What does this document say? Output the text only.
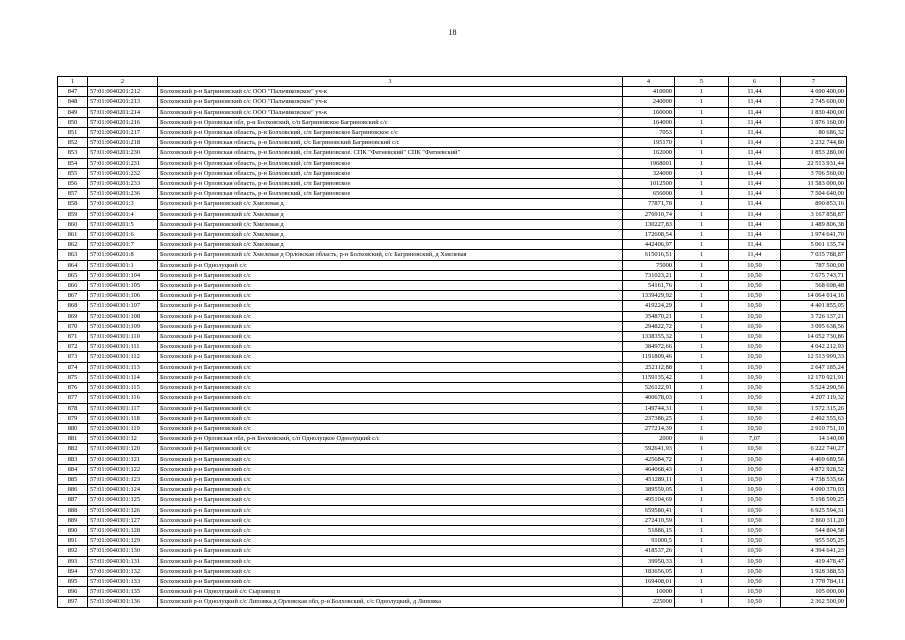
18
1	2	3	4	5	6	7
847	57:01:0040201:212	Болховский р-н Багриновский с/с ООО "Пальчиковское" уч-к	410000	1	11,44	4 690 400,00
848	57:01:0040201:213	Болховский р-н Багриновский с/с ООО "Пальчиковское" уч-к	240000	1	11,44	2 745 600,00
849	57:01:0040201:214	Болховский р-н Багриновский с/с ООО "Пальчиковское" уч-к	160000	1	11,44	1 830 400,00
850	57:01:0040201:216	Болховский р-н Орловская обл, р-н Болховский, с/п Багриновское Багриновский с/с	164000	1	11,44	1 876 160,00
851	57:01:0040201:217	Болховский р-н Орловская область, р-н Болховский, с/п Багриновское Багриновское с/с	7053	1	11,44	80 686,32
852	57:01:0040201:218	Болховский р-н Орловская область, р-н Болховский, с/с Багриновский Багриновский с/с	195170	1	11,44	2 232 744,80
853	57:01:0040201:230	Болховский р-н Орловская область, р-н Болховский, с/п Багриновское. СПК "Фатневский" СПК "Фатневский"	162000	1	11,44	1 853 280,00
854	57:01:0040201:231	Болховский р-н Орловская область, р-н Болховский, с/п Багриновское	1968001	1	11,44	22 513 931,44
855	57:01:0040201:232	Болховский р-н Орловская область, р-н Болховский, с/п Багриновское	324000	1	11,44	3 706 560,00
856	57:01:0040201:233	Болховский р-н Орловская область, р-н Болховский, с/п Багриновское	1012500	1	11,44	11 583 000,00
857	57:01:0040201:236	Болховский р-н Орловская область, р-н Болховский, с/п Багриновское	656000	1	11,44	7 504 640,00
858	57:01:0040201:3	Болховский р-н Багриновский с/с Хмелевая д	77871,78	1	11,44	890 853,16
859	57:01:0040201:4	Болховский р-н Багриновский с/с Хмелевая д	276910,74	1	11,44	3 167 858,87
860	57:01:0040201:5	Болховский р-н Багриновский с/с Хмелевая д	130227,83	1	11,44	1 489 806,38
861	57:01:0040201:6	Болховский р-н Багриновский с/с Хмелевая д	172608,54	1	11,44	1 974 641,70
862	57:01:0040201:7	Болховский р-н Багриновский с/с Хмелевая д	442406,97	1	11,44	5 061 135,74
863	57:01:0040201:8	Болховский р-н Багриновский с/с Хмелевая д Орловская область, р-н Болховский, с/с Багриновский, д Хмелевая	615016,51	1	11,44	7 035 788,87
864	57:01:0040301:1	Болховский р-н Однолуцкий с/с	75000	1	10,50	787 500,00
865	57:01:0040301:104	Болховский р-н Багриновский с/с	731023,21	1	10,50	7 675 743,71
866	57:01:0040301:105	Болховский р-н Багриновский с/с	54161,76	1	10,50	568 698,48
867	57:01:0040301:106	Болховский р-н Багриновский с/с	1339429,92	1	10,50	14 064 014,16
868	57:01:0040301:107	Болховский р-н Багриновский с/с	419224,29	1	10,50	4 401 855,05
869	57:01:0040301:108	Болховский р-н Багриновский с/с	354870,21	1	10,50	3 726 137,21
870	57:01:0040301:109	Болховский р-н Багриновский с/с	294822,72	1	10,50	3 095 638,56
871	57:01:0040301:110	Болховский р-н Багриновский с/с	1338355,32	1	10,50	14 052 730,86
872	57:01:0040301:111	Болховский р-н Багриновский с/с	384972,66	1	10,50	4 042 212,93
873	57:01:0040301:112	Болховский р-н Багриновский с/с	1191809,46	1	10,50	12 513 999,33
874	57:01:0040301:113	Болховский р-н Багриновский с/с	252112,88	1	10,50	2 647 185,24
875	57:01:0040301:114	Болховский р-н Багриновский с/с	1159135,42	1	10,50	12 170 921,91
876	57:01:0040301:115	Болховский р-н Багриновский с/с	526122,91	1	10,50	5 524 290,56
877	57:01:0040301:116	Болховский р-н Багриновский с/с	400678,03	1	10,50	4 207 119,32
878	57:01:0040301:117	Болховский р-н Багриновский с/с	149744,31	1	10,50	1 572 315,26
879	57:01:0040301:118	Болховский р-н Багриновский с/с	237386,25	1	10,50	2 492 555,63
880	57:01:0040301:119	Болховский р-н Багриновский с/с	277214,39	1	10,50	2 910 751,10
881	57:01:0040301:12	Болховский р-н Орловская обл, р-н Болховский, с/п Однолуцкое Однолуцкий с/с	2000	6	7,07	14 140,00
882	57:01:0040301:120	Болховский р-н Багриновский с/с	592641,93	1	10,50	6 222 740,27
883	57:01:0040301:121	Болховский р-н Багриновский с/с	425684,72	1	10,50	4 469 689,56
884	57:01:0040301:122	Болховский р-н Багриновский с/с	464068,43	1	10,50	4 872 928,52
885	57:01:0040301:123	Болховский р-н Багриновский с/с	451289,11	1	10,50	4 738 535,66
886	57:01:0040301:124	Болховский р-н Багриновский с/с	389559,05	1	10,50	4 090 370,03
887	57:01:0040301:125	Болховский р-н Багриновский с/с	495104,69	1	10,50	5 198 599,25
888	57:01:0040301:126	Болховский р-н Багриновский с/с	659580,41	1	10,50	6 925 594,31
889	57:01:0040301:127	Болховский р-н Багриновский с/с	272410,59	1	10,50	2 860 311,20
890	57:01:0040301:128	Болховский р-н Багриновский с/с	51886,15	1	10,50	544 804,58
891	57:01:0040301:129	Болховский р-н Багриновский с/с	91000,5	1	10,50	955 505,25
892	57:01:0040301:130	Болховский р-н Багриновский с/с	418537,26	1	10,50	4 394 641,23
893	57:01:0040301:131	Болховский р-н Багриновский с/с	39950,33	1	10,50	419 478,47
894	57:01:0040301:132	Болховский р-н Багриновский с/с	183656,05	1	10,50	1 928 388,53
895	57:01:0040301:133	Болховский р-н Багриновский с/с	169408,01	1	10,50	1 778 784,11
896	57:01:0040301:135	Болховский р-н Однолуцкий с/с Сырзавод п	10000	1	10,50	105 000,00
897	57:01:0040301:136	Болховский р-н Однолуцкий с/с Липовка д Орловская обл, р-н Болховский, с/с Однолуцкий, д Липовка	225000	1	10,50	2 362 500,00
